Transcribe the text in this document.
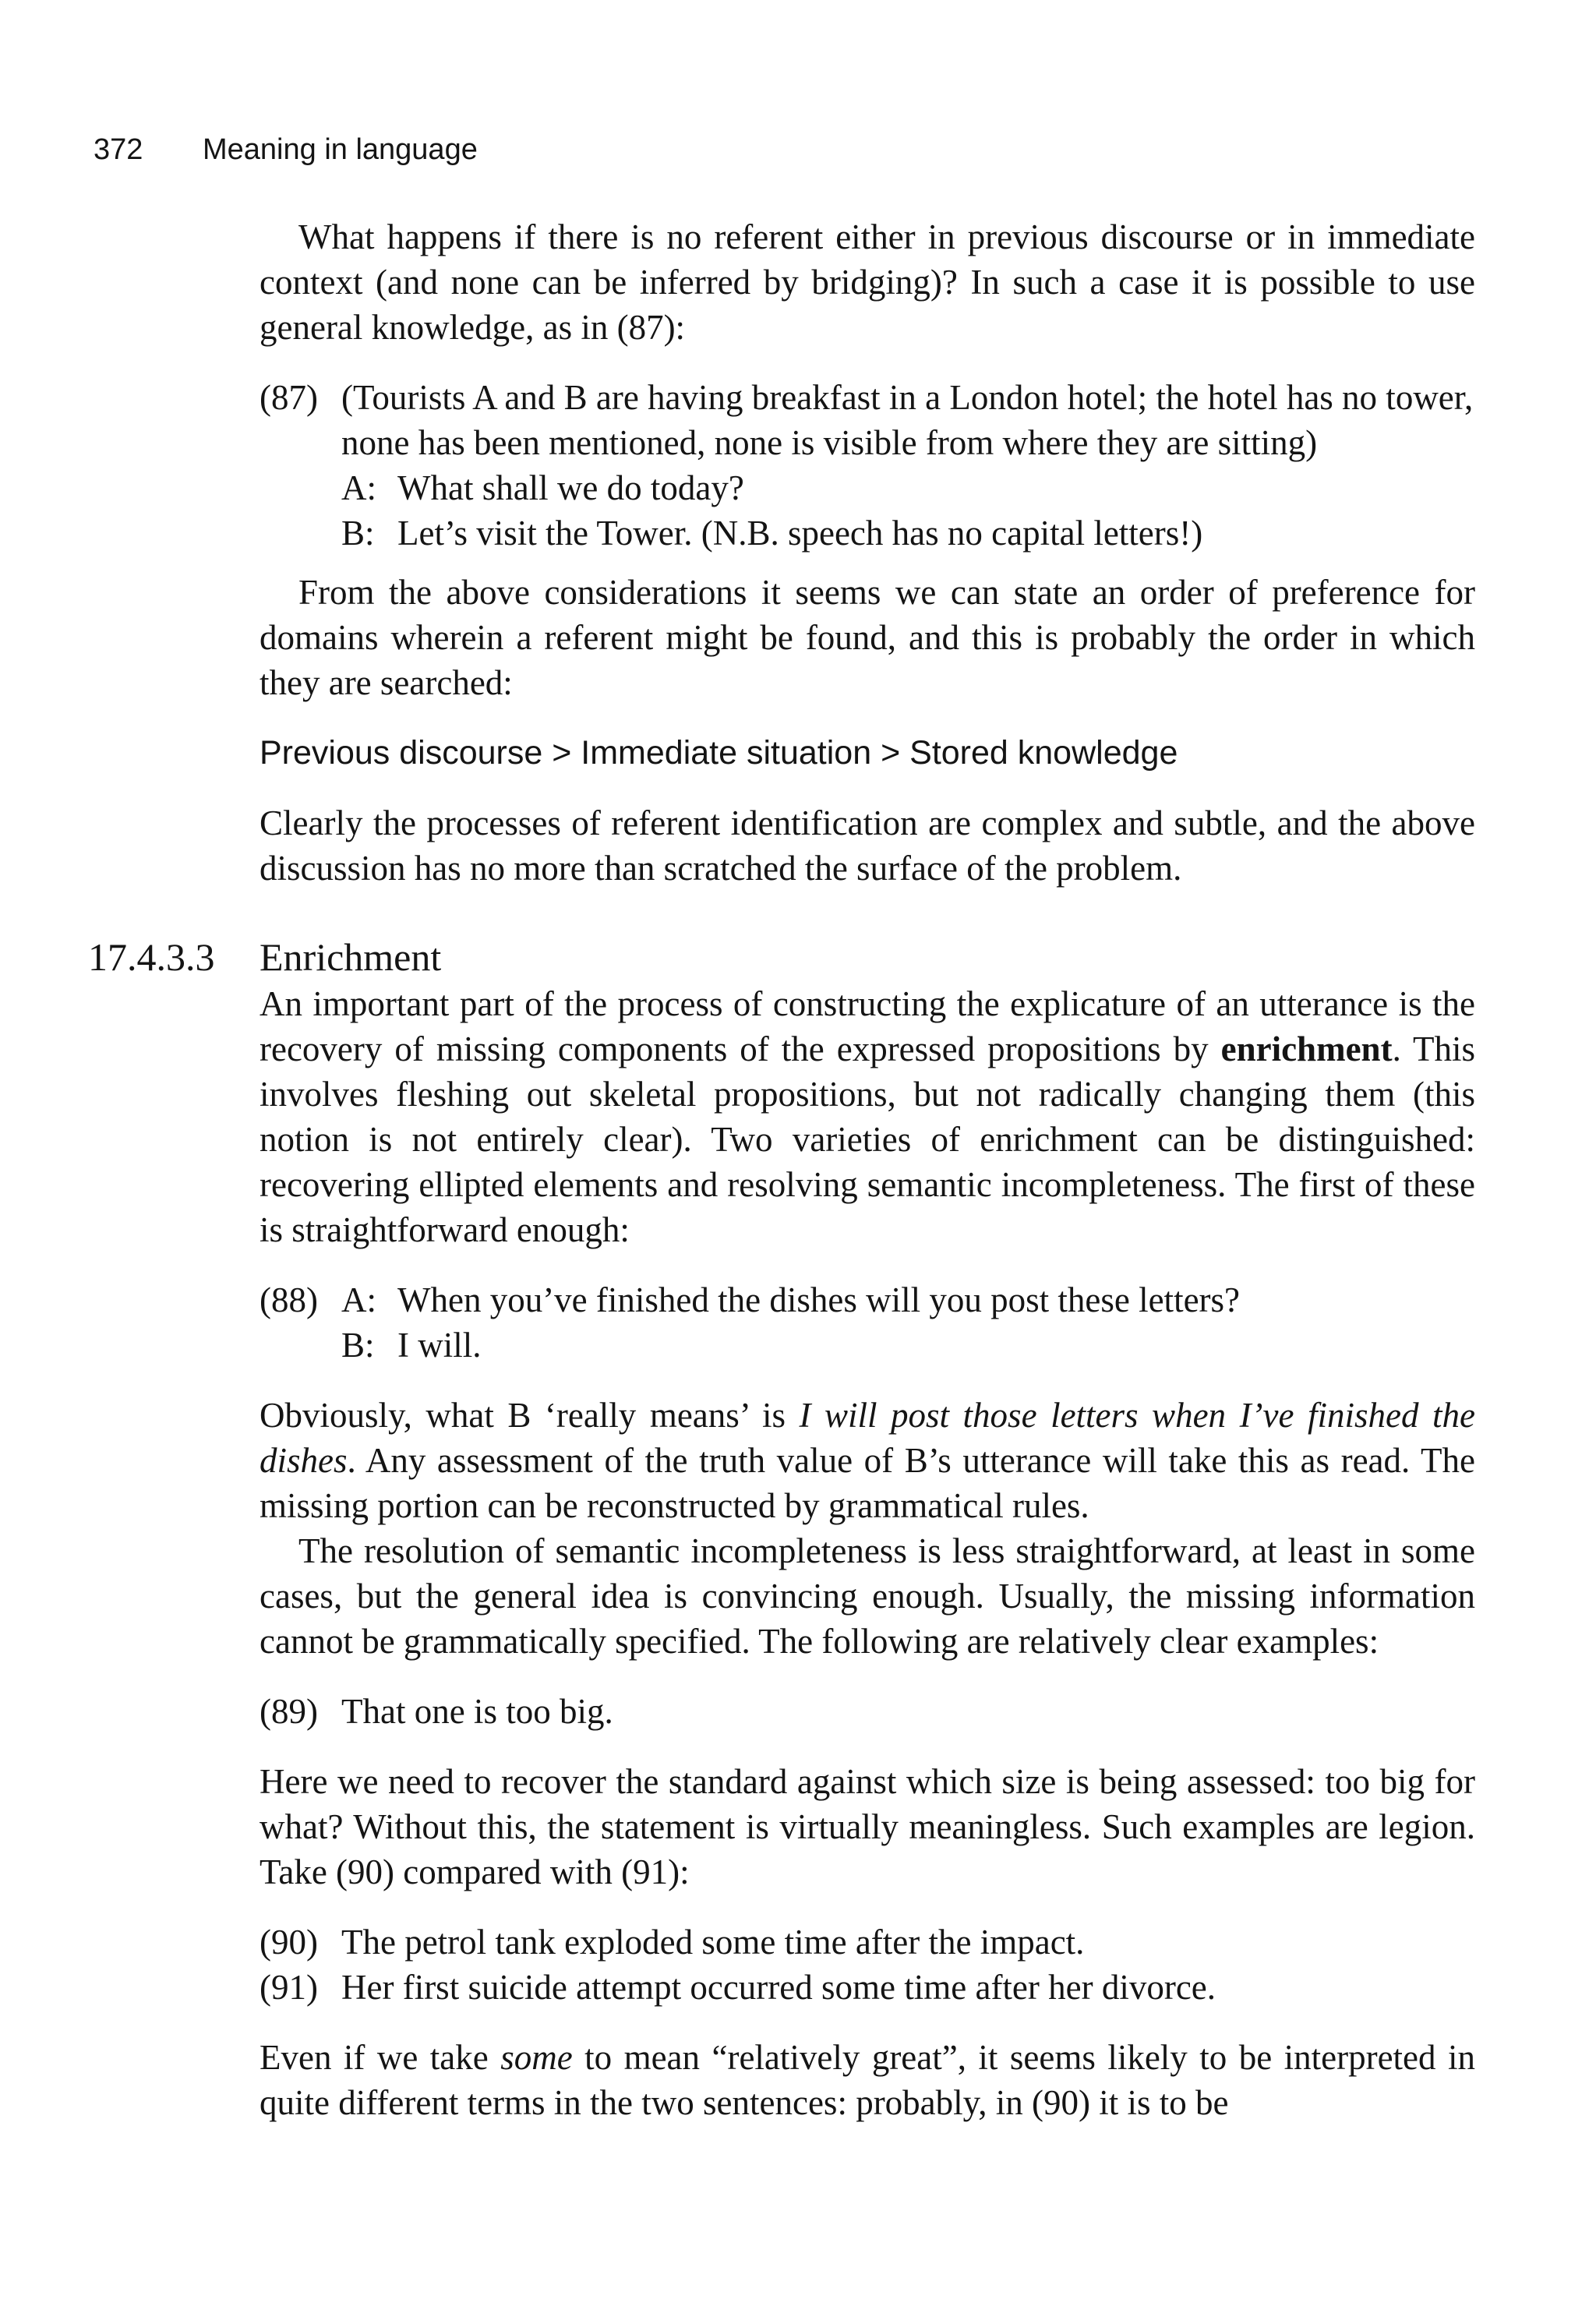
372 Meaning in language

What happens if there is no referent either in previous discourse or in immediate context (and none can be inferred by bridging)? In such a case it is possible to use general knowledge, as in (87):

(87) (Tourists A and B are having breakfast in a London hotel; the hotel has no tower, none has been mentioned, none is visible from where they are sitting)

A: What shall we do today?
B: Let’s visit the Tower. (N.B. speech has no capital letters!)

From the above considerations it seems we can state an order of preference for domains wherein a referent might be found, and this is probably the order in which they are searched:

Previous discourse > Immediate situation > Stored knowledge

Clearly the processes of referent identification are complex and subtle, and the above discussion has no more than scratched the surface of the problem.

17.4.3.3 Enrichment

An important part of the process of constructing the explicature of an utterance is the recovery of missing components of the expressed propositions by enrichment. This involves fleshing out skeletal propositions, but not radically changing them (this notion is not entirely clear). Two varieties of enrichment can be distinguished: recovering ellipted elements and resolving semantic incompleteness. The first of these is straightforward enough:

(88) A: When you’ve finished the dishes will you post these letters?
B: I will.

Obviously, what B ‘really means’ is I will post those letters when I’ve finished the dishes. Any assessment of the truth value of B’s utterance will take this as read. The missing portion can be reconstructed by grammatical rules.

The resolution of semantic incompleteness is less straightforward, at least in some cases, but the general idea is convincing enough. Usually, the missing information cannot be grammatically specified. The following are relatively clear examples:

(89) That one is too big.

Here we need to recover the standard against which size is being assessed: too big for what? Without this, the statement is virtually meaningless. Such examples are legion. Take (90) compared with (91):

(90) The petrol tank exploded some time after the impact.
(91) Her first suicide attempt occurred some time after her divorce.

Even if we take some to mean “relatively great”, it seems likely to be interpreted in quite different terms in the two sentences: probably, in (90) it is to be
